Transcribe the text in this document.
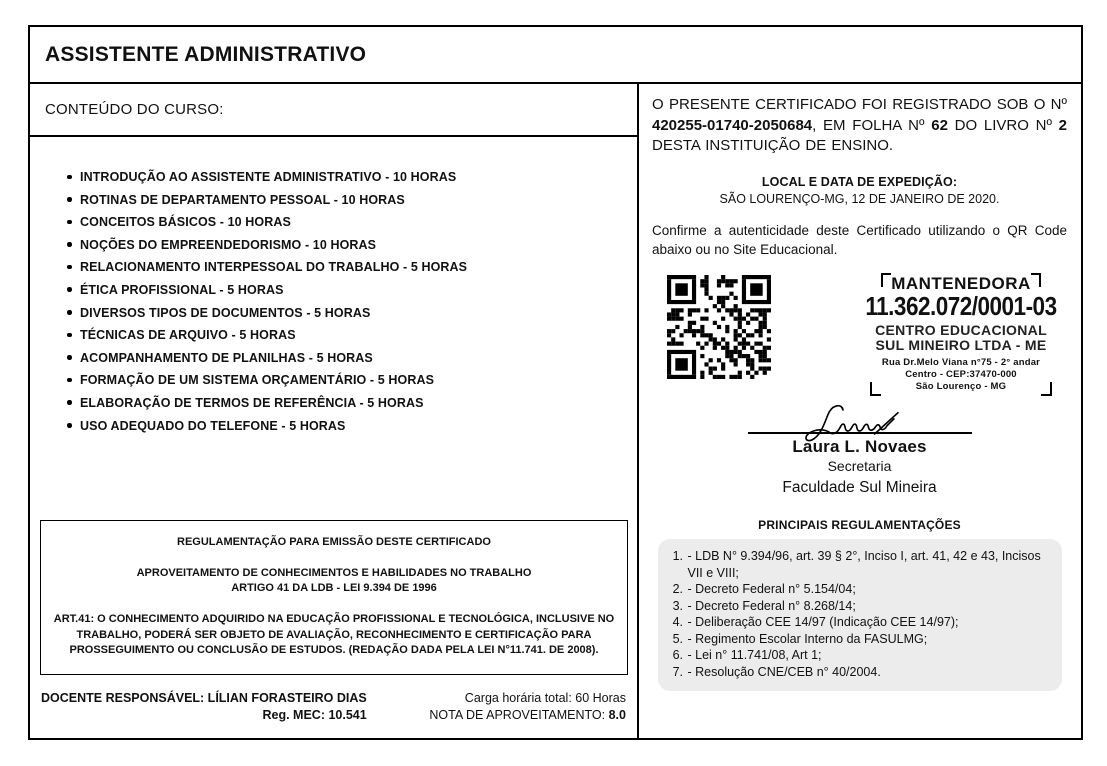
ASSISTENTE ADMINISTRATIVO
CONTEÚDO DO CURSO:
INTRODUÇÃO AO ASSISTENTE ADMINISTRATIVO - 10 HORAS
ROTINAS DE DEPARTAMENTO PESSOAL - 10 HORAS
CONCEITOS BÁSICOS - 10 HORAS
NOÇÕES DO EMPREENDEDORISMO - 10 HORAS
RELACIONAMENTO INTERPESSOAL DO TRABALHO - 5 HORAS
ÉTICA PROFISSIONAL - 5 HORAS
DIVERSOS TIPOS DE DOCUMENTOS - 5 HORAS
TÉCNICAS DE ARQUIVO - 5 HORAS
ACOMPANHAMENTO DE PLANILHAS - 5 HORAS
FORMAÇÃO DE UM SISTEMA ORÇAMENTÁRIO - 5 HORAS
ELABORAÇÃO DE TERMOS DE REFERÊNCIA - 5 HORAS
USO ADEQUADO DO TELEFONE - 5 HORAS
REGULAMENTAÇÃO PARA EMISSÃO DESTE CERTIFICADO
APROVEITAMENTO DE CONHECIMENTOS E HABILIDADES NO TRABALHO
ARTIGO 41 DA LDB - LEI 9.394 DE 1996
ART.41: O CONHECIMENTO ADQUIRIDO NA EDUCAÇÃO PROFISSIONAL E TECNOLÓGICA, INCLUSIVE NO TRABALHO, PODERÁ SER OBJETO DE AVALIAÇÃO, RECONHECIMENTO E CERTIFICAÇÃO PARA PROSSEGUIMENTO OU CONCLUSÃO DE ESTUDOS. (REDAÇÃO DADA PELA LEI N°11.741. DE 2008).
DOCENTE RESPONSÁVEL: LÍLIAN FORASTEIRO DIAS
Reg. MEC: 10.541
Carga horária total: 60 Horas
NOTA DE APROVEITAMENTO: 8.0

O PRESENTE CERTIFICADO FOI REGISTRADO SOB O Nº 420255-01740-2050684, EM FOLHA Nº 62 DO LIVRO Nº 2 DESTA INSTITUIÇÃO DE ENSINO.

LOCAL E DATA DE EXPEDIÇÃO:
SÃO LOURENÇO-MG, 12 DE JANEIRO DE 2020.

Confirme a autenticidade deste Certificado utilizando o QR Code abaixo ou no Site Educacional.

MANTENEDORA
11.362.072/0001-03
CENTRO EDUCACIONAL
SUL MINEIRO LTDA - ME
Rua Dr.Melo Viana n°75 - 2° andar
Centro - CEP:37470-000
São Lourenço - MG
Laura L. Novaes
Secretaria
Faculdade Sul Mineira
PRINCIPAIS REGULAMENTAÇÕES
1. - LDB N° 9.394/96, art. 39 § 2°, Inciso I, art. 41, 42 e 43, Incisos VII e VIII;
2. - Decreto Federal n° 5.154/04;
3. - Decreto Federal n° 8.268/14;
4. - Deliberação CEE 14/97 (Indicação CEE 14/97);
5. - Regimento Escolar Interno da FASULMG;
6. - Lei n° 11.741/08, Art 1;
7. - Resolução CNE/CEB n° 40/2004.
